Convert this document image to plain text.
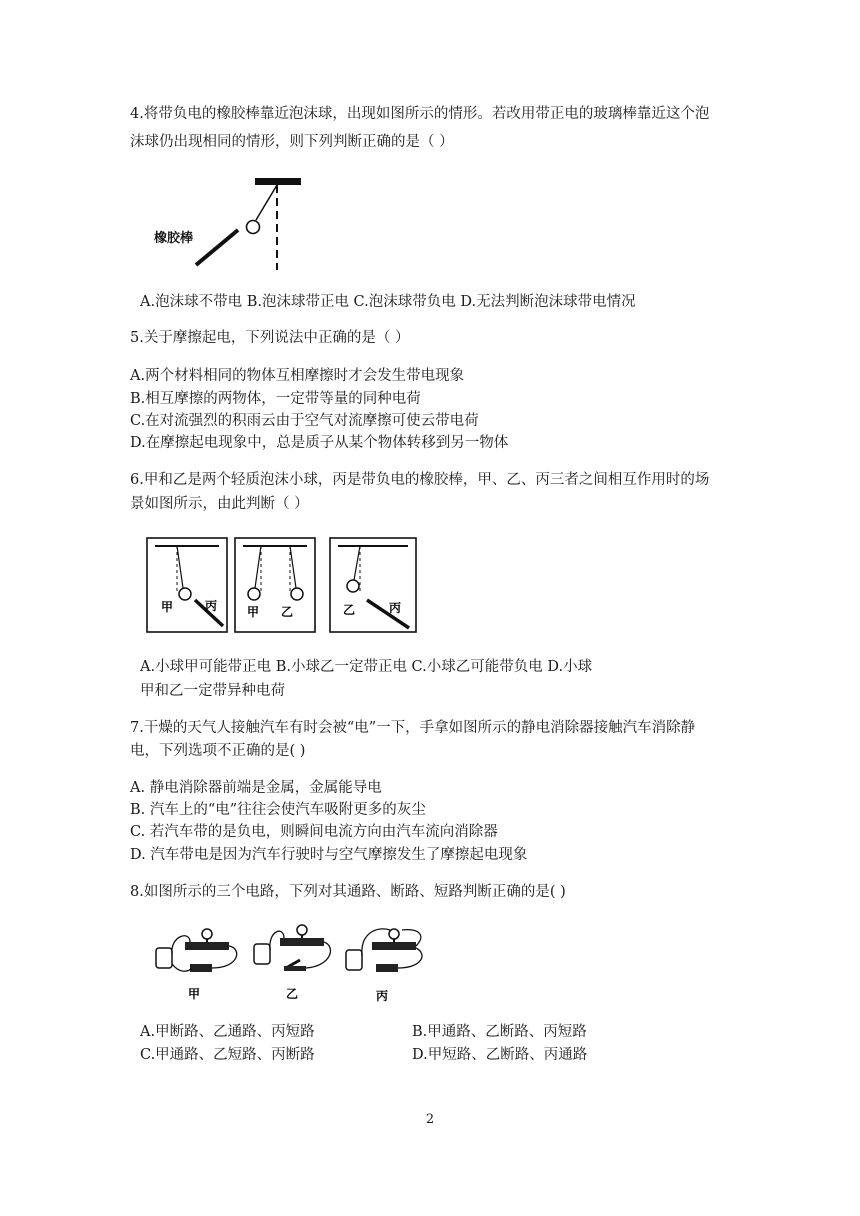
4.将带负电的橡胶棒靠近泡沫球，出现如图所示的情形。若改用带正电的玻璃棒靠近这个泡
沫球仍出现相同的情形，则下列判断正确的是（ ）
橡胶棒
A.泡沫球不带电 B.泡沫球带正电 C.泡沫球带负电 D.无法判断泡沫球带电情况
5.关于摩擦起电，下列说法中正确的是（ ）
A.两个材料相同的物体互相摩擦时才会发生带电现象
B.相互摩擦的两物体，一定带等量的同种电荷
C.在对流强烈的积雨云由于空气对流摩擦可使云带电荷
D.在摩擦起电现象中，总是质子从某个物体转移到另一物体
6.甲和乙是两个轻质泡沫小球，丙是带负电的橡胶棒，甲、乙、丙三者之间相互作用时的场
景如图所示，由此判断（ ）
甲	丙 甲 乙	乙	丙
A.小球甲可能带正电 B.小球乙一定带正电 C.小球乙可能带负电 D.小球
甲和乙一定带异种电荷
7.干燥的天气人接触汽车有时会被“电”一下，手拿如图所示的静电消除器接触汽车消除静
电，下列选项不正确的是( )
A. 静电消除器前端是金属，金属能导电
B. 汽车上的“电”往往会使汽车吸附更多的灰尘
C. 若汽车带的是负电，则瞬间电流方向由汽车流向消除器
D. 汽车带电是因为汽车行驶时与空气摩擦发生了摩擦起电现象
8.如图所示的三个电路，下列对其通路、断路、短路判断正确的是( )
甲	乙	丙
A.甲断路、乙通路、丙短路	B.甲通路、乙断路、丙短路
C.甲通路、乙短路、丙断路	D.甲短路、乙断路、丙通路
2
